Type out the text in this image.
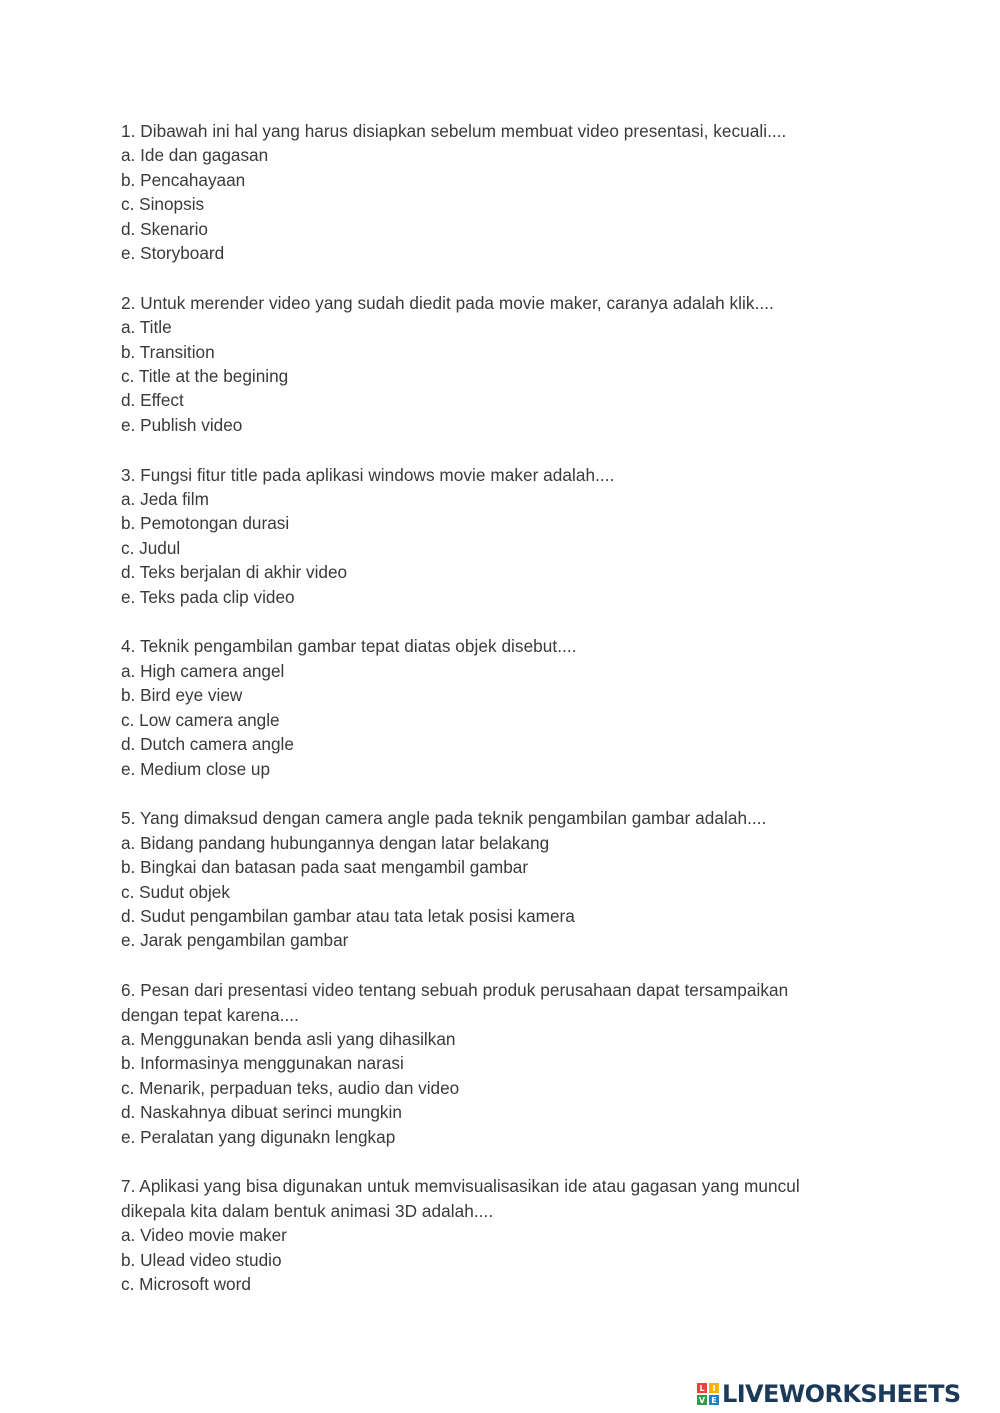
1. Dibawah ini hal yang harus disiapkan sebelum membuat video presentasi, kecuali....

a. Ide dan gagasan

b. Pencahayaan

c. Sinopsis

d. Skenario

e. Storyboard

2. Untuk merender video yang sudah diedit pada movie maker, caranya adalah klik....

a. Title

b. Transition

c. Title at the begining

d. Effect

e. Publish video

3. Fungsi fitur title pada aplikasi windows movie maker adalah....

a. Jeda film

b. Pemotongan durasi

c. Judul

d. Teks berjalan di akhir video

e. Teks pada clip video

4. Teknik pengambilan gambar tepat diatas objek disebut....

a. High camera angel

b. Bird eye view

c. Low camera angle

d. Dutch camera angle

e. Medium close up

5. Yang dimaksud dengan camera angle pada teknik pengambilan gambar adalah....

a. Bidang pandang hubungannya dengan latar belakang

b. Bingkai dan batasan pada saat mengambil gambar

c. Sudut objek

d. Sudut pengambilan gambar atau tata letak posisi kamera

e. Jarak pengambilan gambar

6. Pesan dari presentasi video tentang sebuah produk perusahaan dapat tersampaikan

dengan tepat karena....

a. Menggunakan benda asli yang dihasilkan

b. Informasinya menggunakan narasi

c. Menarik, perpaduan teks, audio dan video

d. Naskahnya dibuat serinci mungkin

e. Peralatan yang digunakn lengkap

7. Aplikasi yang bisa digunakan untuk memvisualisasikan ide atau gagasan yang muncul

dikepala kita dalam bentuk animasi 3D adalah....

a. Video movie maker

b. Ulead video studio

c. Microsoft word

L I
V E LIVEWORKSHEETS
